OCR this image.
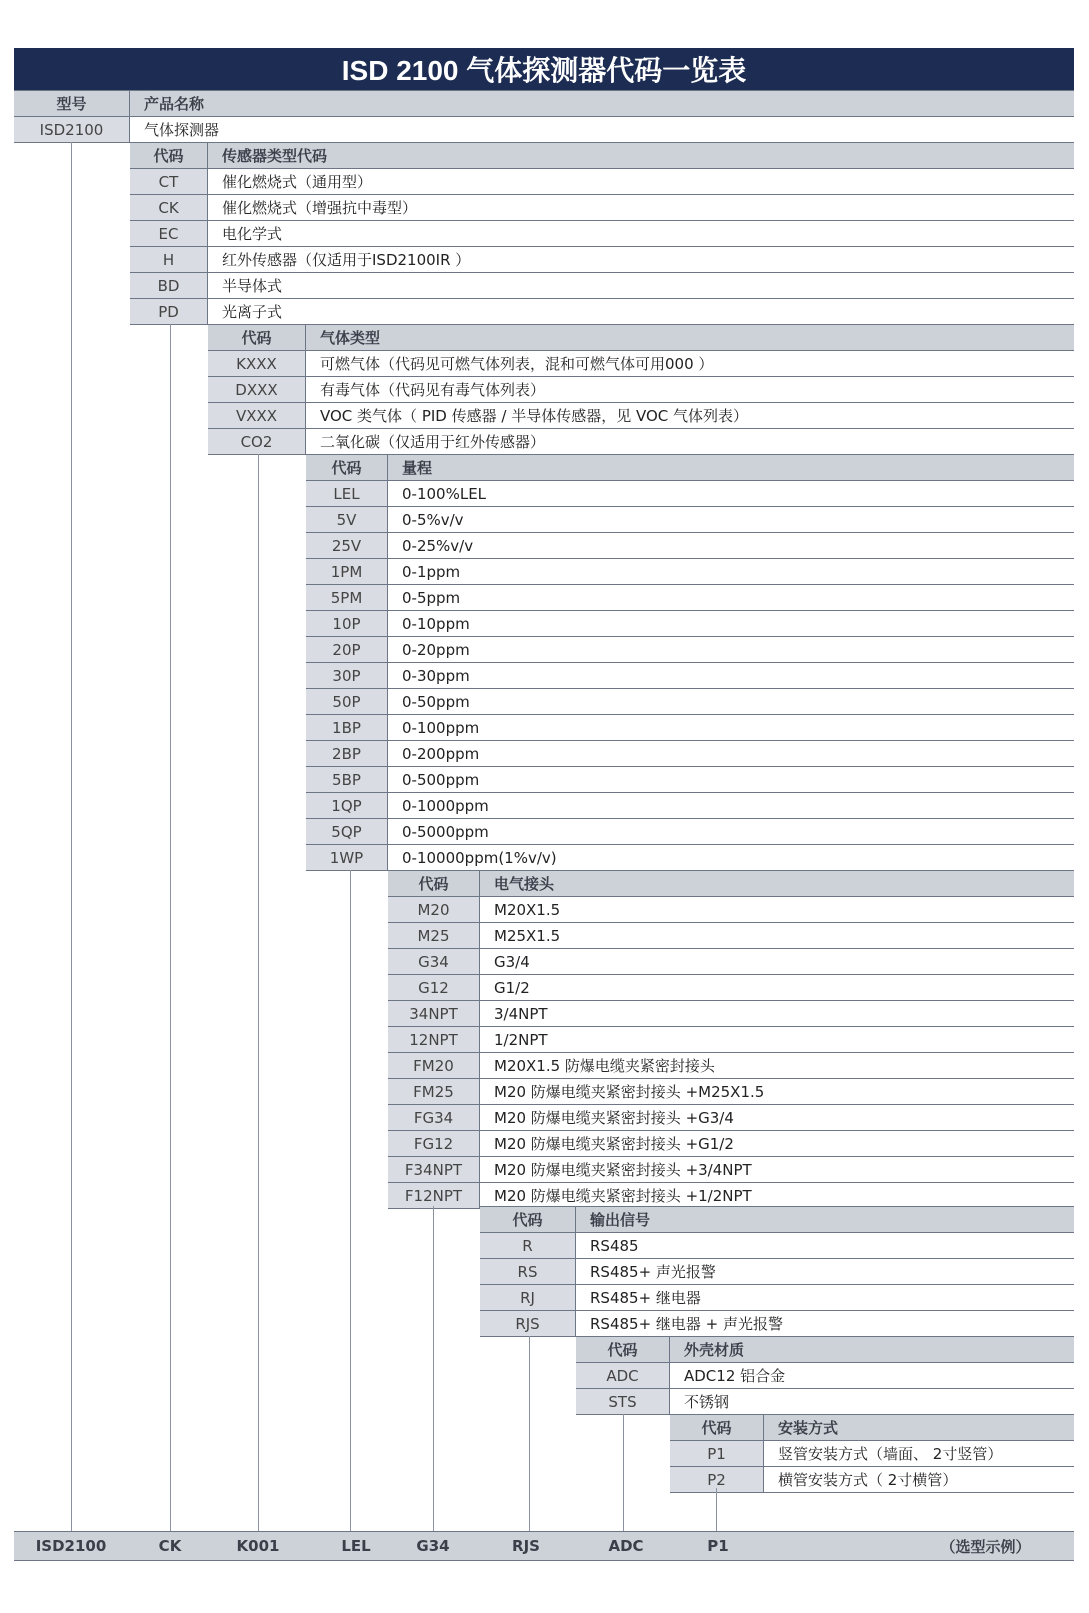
ISD 2100 气体探测器代码一览表
型号	产品名称
ISD2100	气体探测器
代码	传感器类型代码
CT	催化燃烧式（通用型）
CK	催化燃烧式（增强抗中毒型）
EC	电化学式
H	红外传感器（仅适用于ISD2100IR ）
BD	半导体式
PD	光离子式
代码	气体类型
KXXX	可燃气体（代码见可燃气体列表，混和可燃气体可用000 ）
DXXX	有毒气体（代码见有毒气体列表）
VXXX	VOC 类气体（ PID 传感器 / 半导体传感器，见 VOC 气体列表）
CO2	二氧化碳（仅适用于红外传感器）
代码	量程
LEL	0-100%LEL
5V	0-5%v/v
25V	0-25%v/v
1PM	0-1ppm
5PM	0-5ppm
10P	0-10ppm
20P	0-20ppm
30P	0-30ppm
50P	0-50ppm
1BP	0-100ppm
2BP	0-200ppm
5BP	0-500ppm
1QP	0-1000ppm
5QP	0-5000ppm
1WP	0-10000ppm(1%v/v)
代码	电气接头
M20	M20X1.5
M25	M25X1.5
G34	G3/4
G12	G1/2
34NPT	3/4NPT
12NPT	1/2NPT
FM20	M20X1.5 防爆电缆夹紧密封接头
FM25	M20 防爆电缆夹紧密封接头 +M25X1.5
FG34	M20 防爆电缆夹紧密封接头 +G3/4
FG12	M20 防爆电缆夹紧密封接头 +G1/2
F34NPT	M20 防爆电缆夹紧密封接头 +3/4NPT
F12NPT	M20 防爆电缆夹紧密封接头 +1/2NPT
代码	输出信号
R	RS485
RS	RS485+ 声光报警
RJ	RS485+ 继电器
RJS	RS485+ 继电器 + 声光报警
代码	外壳材质
ADC	ADC12 铝合金
STS	不锈钢
代码	安装方式
P1	竖管安装方式（墙面、 2寸竖管）
P2	横管安装方式（ 2寸横管）
ISD2100	CK	K001	LEL	G34	RJS	ADC	P1	（选型示例）
